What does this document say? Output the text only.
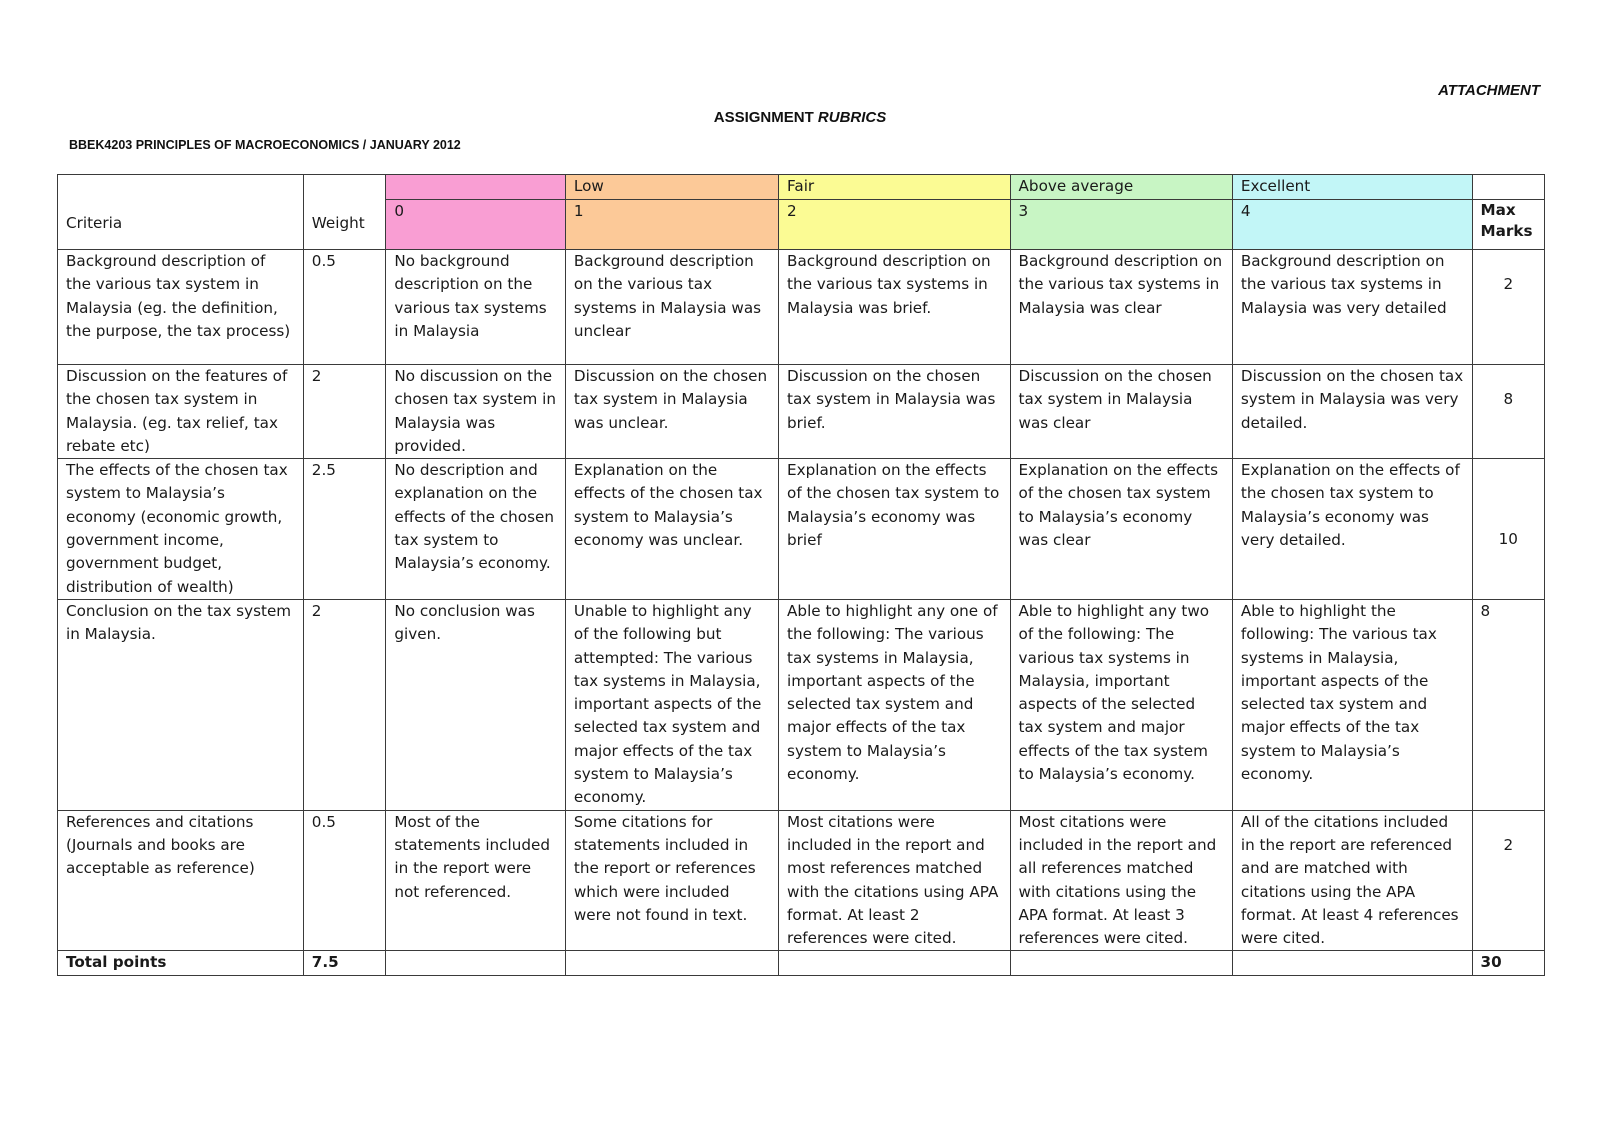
ATTACHMENT
ASSIGNMENT RUBRICS
BBEK4203 PRINCIPLES OF MACROECONOMICS / JANUARY 2012
Criteria	Weight		Low	Fair	Above average	Excellent	
		0	1	2	3	4	Max Marks
Background description of the various tax system in Malaysia (eg. the definition, the purpose, the tax process)	0.5	No background description on the various tax systems in Malaysia	Background description on the various tax systems in Malaysia was unclear	Background description on the various tax systems in Malaysia was brief.	Background description on the various tax systems in Malaysia was clear	Background description on the various tax systems in Malaysia was very detailed	2
Discussion on the features of the chosen tax system in Malaysia. (eg. tax relief, tax rebate etc)	2	No discussion on the chosen tax system in Malaysia was provided.	Discussion on the chosen tax system in Malaysia was unclear.	Discussion on the chosen tax system in Malaysia was brief.	Discussion on the chosen tax system in Malaysia was clear	Discussion on the chosen tax system in Malaysia was very detailed.	8
The effects of the chosen tax system to Malaysia’s economy (economic growth, government income, government budget, distribution of wealth)	2.5	No description and explanation on the effects of the chosen tax system to Malaysia’s economy.	Explanation on the effects of the chosen tax system to Malaysia’s economy was unclear.	Explanation on the effects of the chosen tax system to Malaysia’s economy was brief	Explanation on the effects of the chosen tax system to Malaysia’s economy was clear	Explanation on the effects of the chosen tax system to Malaysia’s economy was very detailed.	10
Conclusion on the tax system in Malaysia.	2	No conclusion was given.	Unable to highlight any of the following but attempted: The various tax systems in Malaysia, important aspects of the selected tax system and major effects of the tax system to Malaysia’s economy.	Able to highlight any one of the following: The various tax systems in Malaysia, important aspects of the selected tax system and major effects of the tax system to Malaysia’s economy.	Able to highlight any two of the following: The various tax systems in Malaysia, important aspects of the selected tax system and major effects of the tax system to Malaysia’s economy.	Able to highlight the following: The various tax systems in Malaysia, important aspects of the selected tax system and major effects of the tax system to Malaysia’s economy.	8
References and citations (Journals and books are acceptable as reference)	0.5	Most of the statements included in the report were not referenced.	Some citations for statements included in the report or references which were included were not found in text.	Most citations were included in the report and most references matched with the citations using APA format. At least 2 references were cited.	Most citations were included in the report and all references matched with citations using the APA format. At least 3 references were cited.	All of the citations included in the report are referenced and are matched with citations using the APA format. At least 4 references were cited.	2
Total points	7.5						30
